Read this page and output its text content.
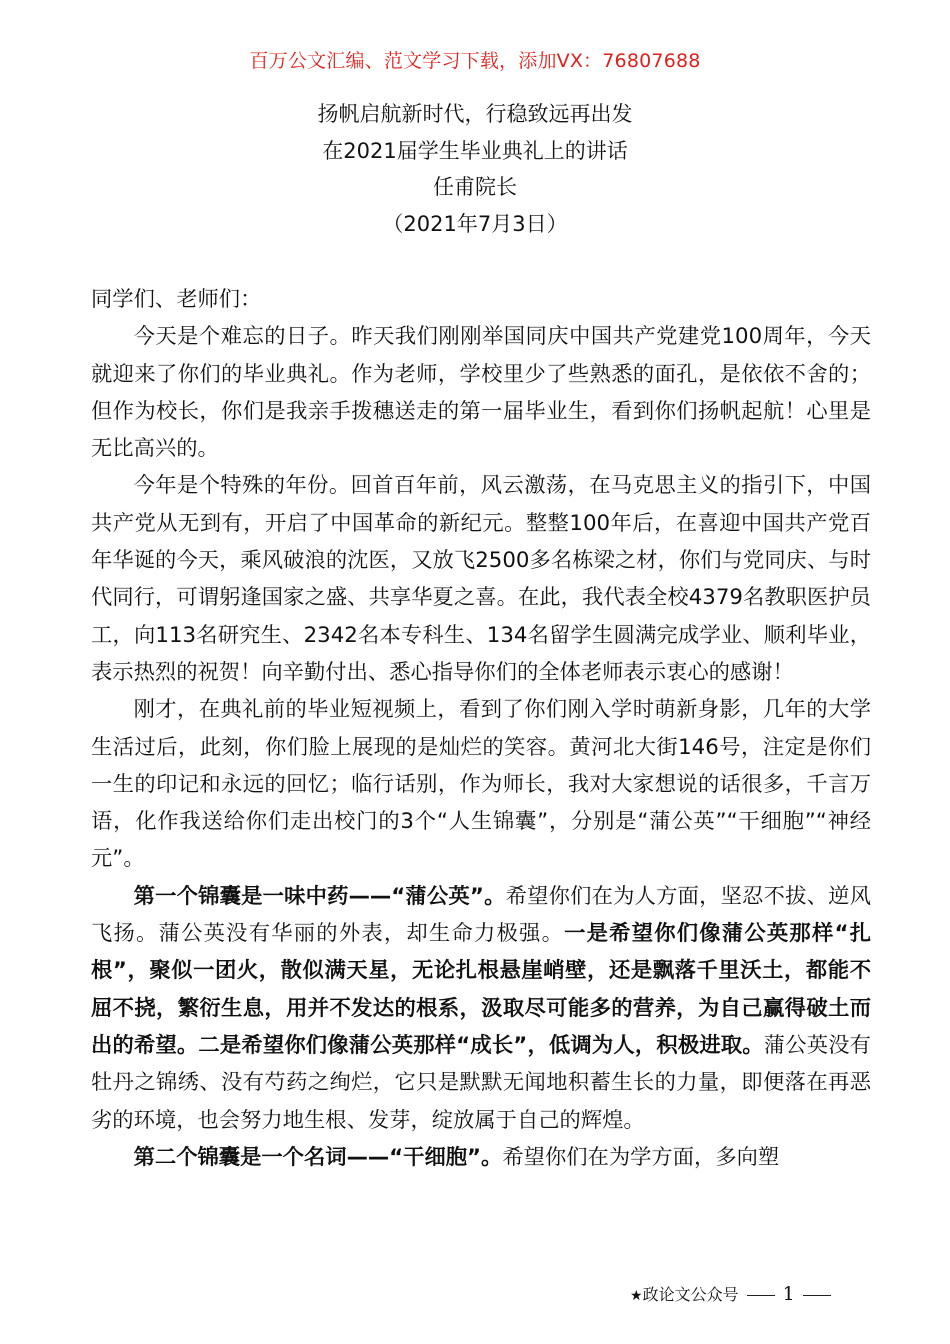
百万公文汇编、范文学习下载，添加VX：76807688
扬帆启航新时代，行稳致远再出发
在2021届学生毕业典礼上的讲话
任甫院长
（2021年7月3日）

同学们、老师们：

今天是个难忘的日子。昨天我们刚刚举国同庆中国共产党建党100周年，今天就迎来了你们的毕业典礼。作为老师，学校里少了些熟悉的面孔，是依依不舍的；但作为校长，你们是我亲手拨穗送走的第一届毕业生，看到你们扬帆起航！心里是无比高兴的。

今年是个特殊的年份。回首百年前，风云激荡，在马克思主义的指引下，中国共产党从无到有，开启了中国革命的新纪元。整整100年后，在喜迎中国共产党百年华诞的今天，乘风破浪的沈医，又放飞2500多名栋梁之材，你们与党同庆、与时代同行，可谓躬逢国家之盛、共享华夏之喜。在此，我代表全校4379名教职医护员工，向113名研究生、2342名本专科生、134名留学生圆满完成学业、顺利毕业，表示热烈的祝贺！向辛勤付出、悉心指导你们的全体老师表示衷心的感谢！

刚才，在典礼前的毕业短视频上，看到了你们刚入学时萌新身影，几年的大学生活过后，此刻，你们脸上展现的是灿烂的笑容。黄河北大街146号，注定是你们一生的印记和永远的回忆；临行话别，作为师长，我对大家想说的话很多，千言万语，化作我送给你们走出校门的3个“人生锦囊”，分别是“蒲公英”“干细胞”“神经元”。

第一个锦囊是一味中药——“蒲公英”。希望你们在为人方面，坚忍不拔、逆风飞扬。蒲公英没有华丽的外表，却生命力极强。一是希望你们像蒲公英那样“扎根”，聚似一团火，散似满天星，无论扎根悬崖峭壁，还是飘落千里沃土，都能不屈不挠，繁衍生息，用并不发达的根系，汲取尽可能多的营养，为自己赢得破土而出的希望。二是希望你们像蒲公英那样“成长”，低调为人，积极进取。蒲公英没有牡丹之锦绣、没有芍药之绚烂，它只是默默无闻地积蓄生长的力量，即便落在再恶劣的环境，也会努力地生根、发芽，绽放属于自己的辉煌。

第二个锦囊是一个名词——“干细胞”。希望你们在为学方面，多向塑

★政论文公众号 1
